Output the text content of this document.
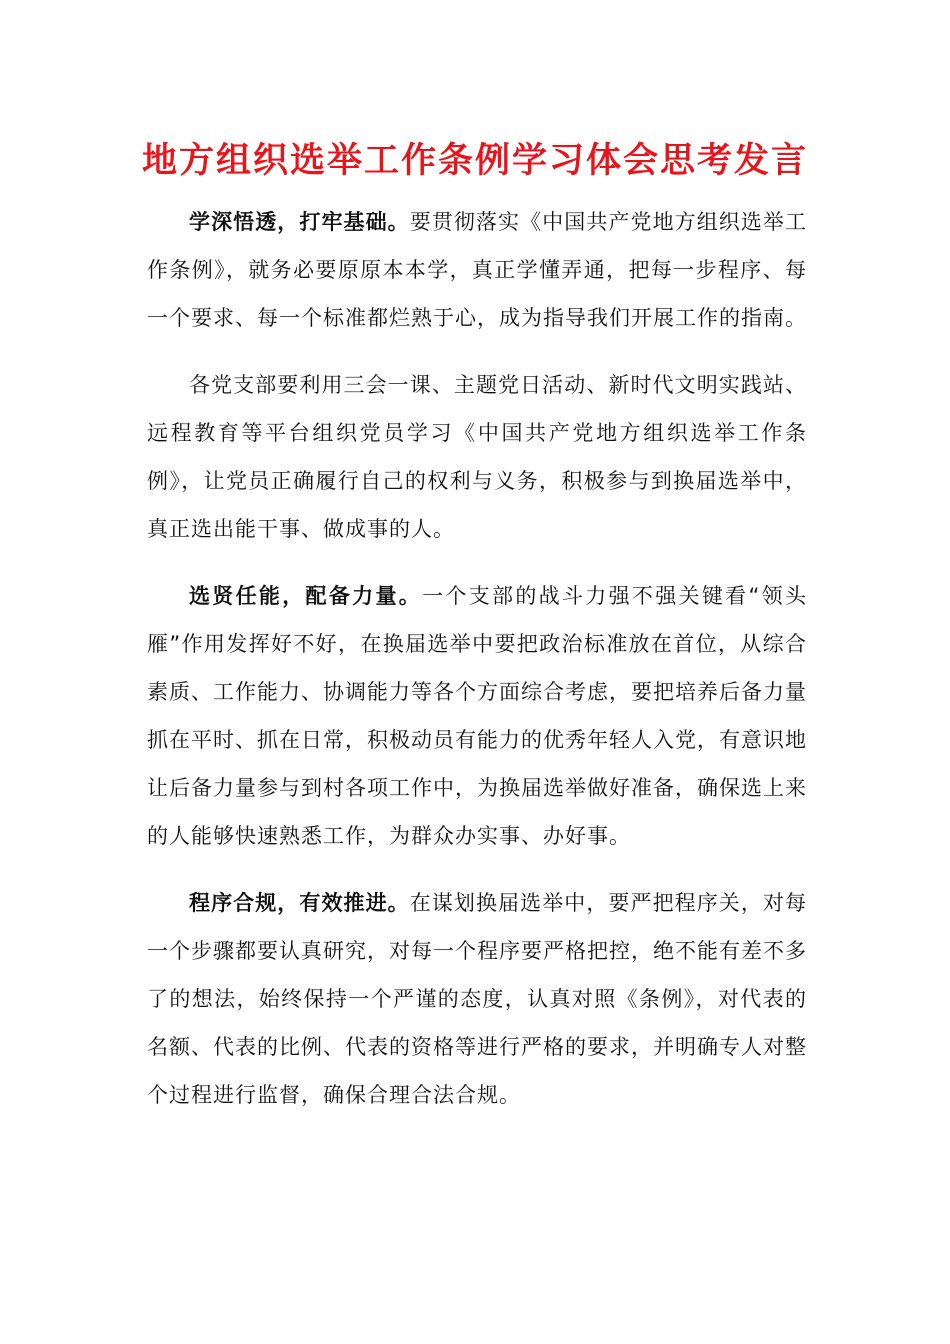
地方组织选举工作条例学习体会思考发言

学深悟透，打牢基础。要贯彻落实《中国共产党地方组织选举工作条例》，就务必要原原本本学，真正学懂弄通，把每一步程序、每一个要求、每一个标准都烂熟于心，成为指导我们开展工作的指南。

各党支部要利用三会一课、主题党日活动、新时代文明实践站、远程教育等平台组织党员学习《中国共产党地方组织选举工作条例》，让党员正确履行自己的权利与义务，积极参与到换届选举中，真正选出能干事、做成事的人。

选贤任能，配备力量。一个支部的战斗力强不强关键看“领头雁”作用发挥好不好，在换届选举中要把政治标准放在首位，从综合素质、工作能力、协调能力等各个方面综合考虑，要把培养后备力量抓在平时、抓在日常，积极动员有能力的优秀年轻人入党，有意识地让后备力量参与到村各项工作中，为换届选举做好准备，确保选上来的人能够快速熟悉工作，为群众办实事、办好事。

程序合规，有效推进。在谋划换届选举中，要严把程序关，对每一个步骤都要认真研究，对每一个程序要严格把控，绝不能有差不多了的想法，始终保持一个严谨的态度，认真对照《条例》，对代表的名额、代表的比例、代表的资格等进行严格的要求，并明确专人对整个过程进行监督，确保合理合法合规。
